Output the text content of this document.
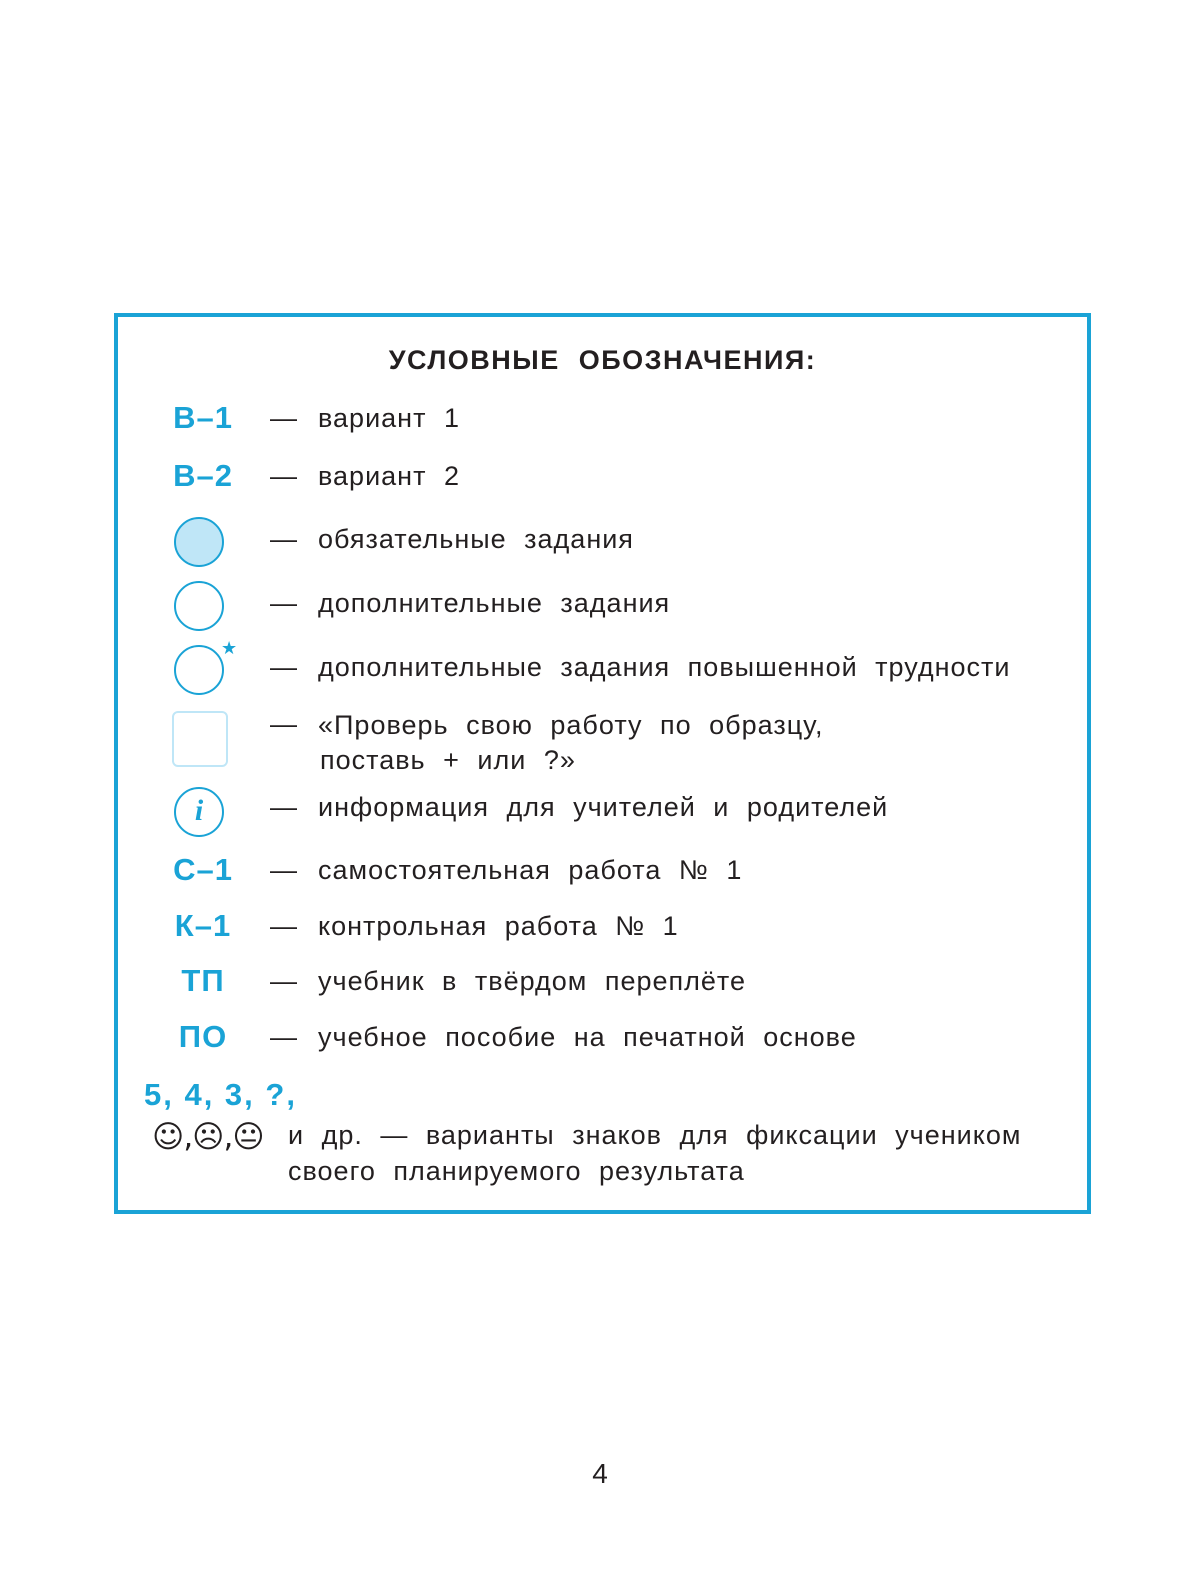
УСЛОВНЫЕ ОБОЗНАЧЕНИЯ:
В–1 — вариант 1
В–2 — вариант 2
— обязательные задания
— дополнительные задания
★
— дополнительные задания повышенной трудности
— «Проверь свою работу по образцу,
поставь + или ?»
i	— информация для учителей и родителей
С–1 — самостоятельная работа № 1
К–1 — контрольная работа № 1
ТП	— учебник в твёрдом переплёте
ПО	— учебное пособие на печатной основе
5, 4, 3, ?,
☺,☹,😐 и др. — варианты знаков для фиксации учеником
своего планируемого результата
4
